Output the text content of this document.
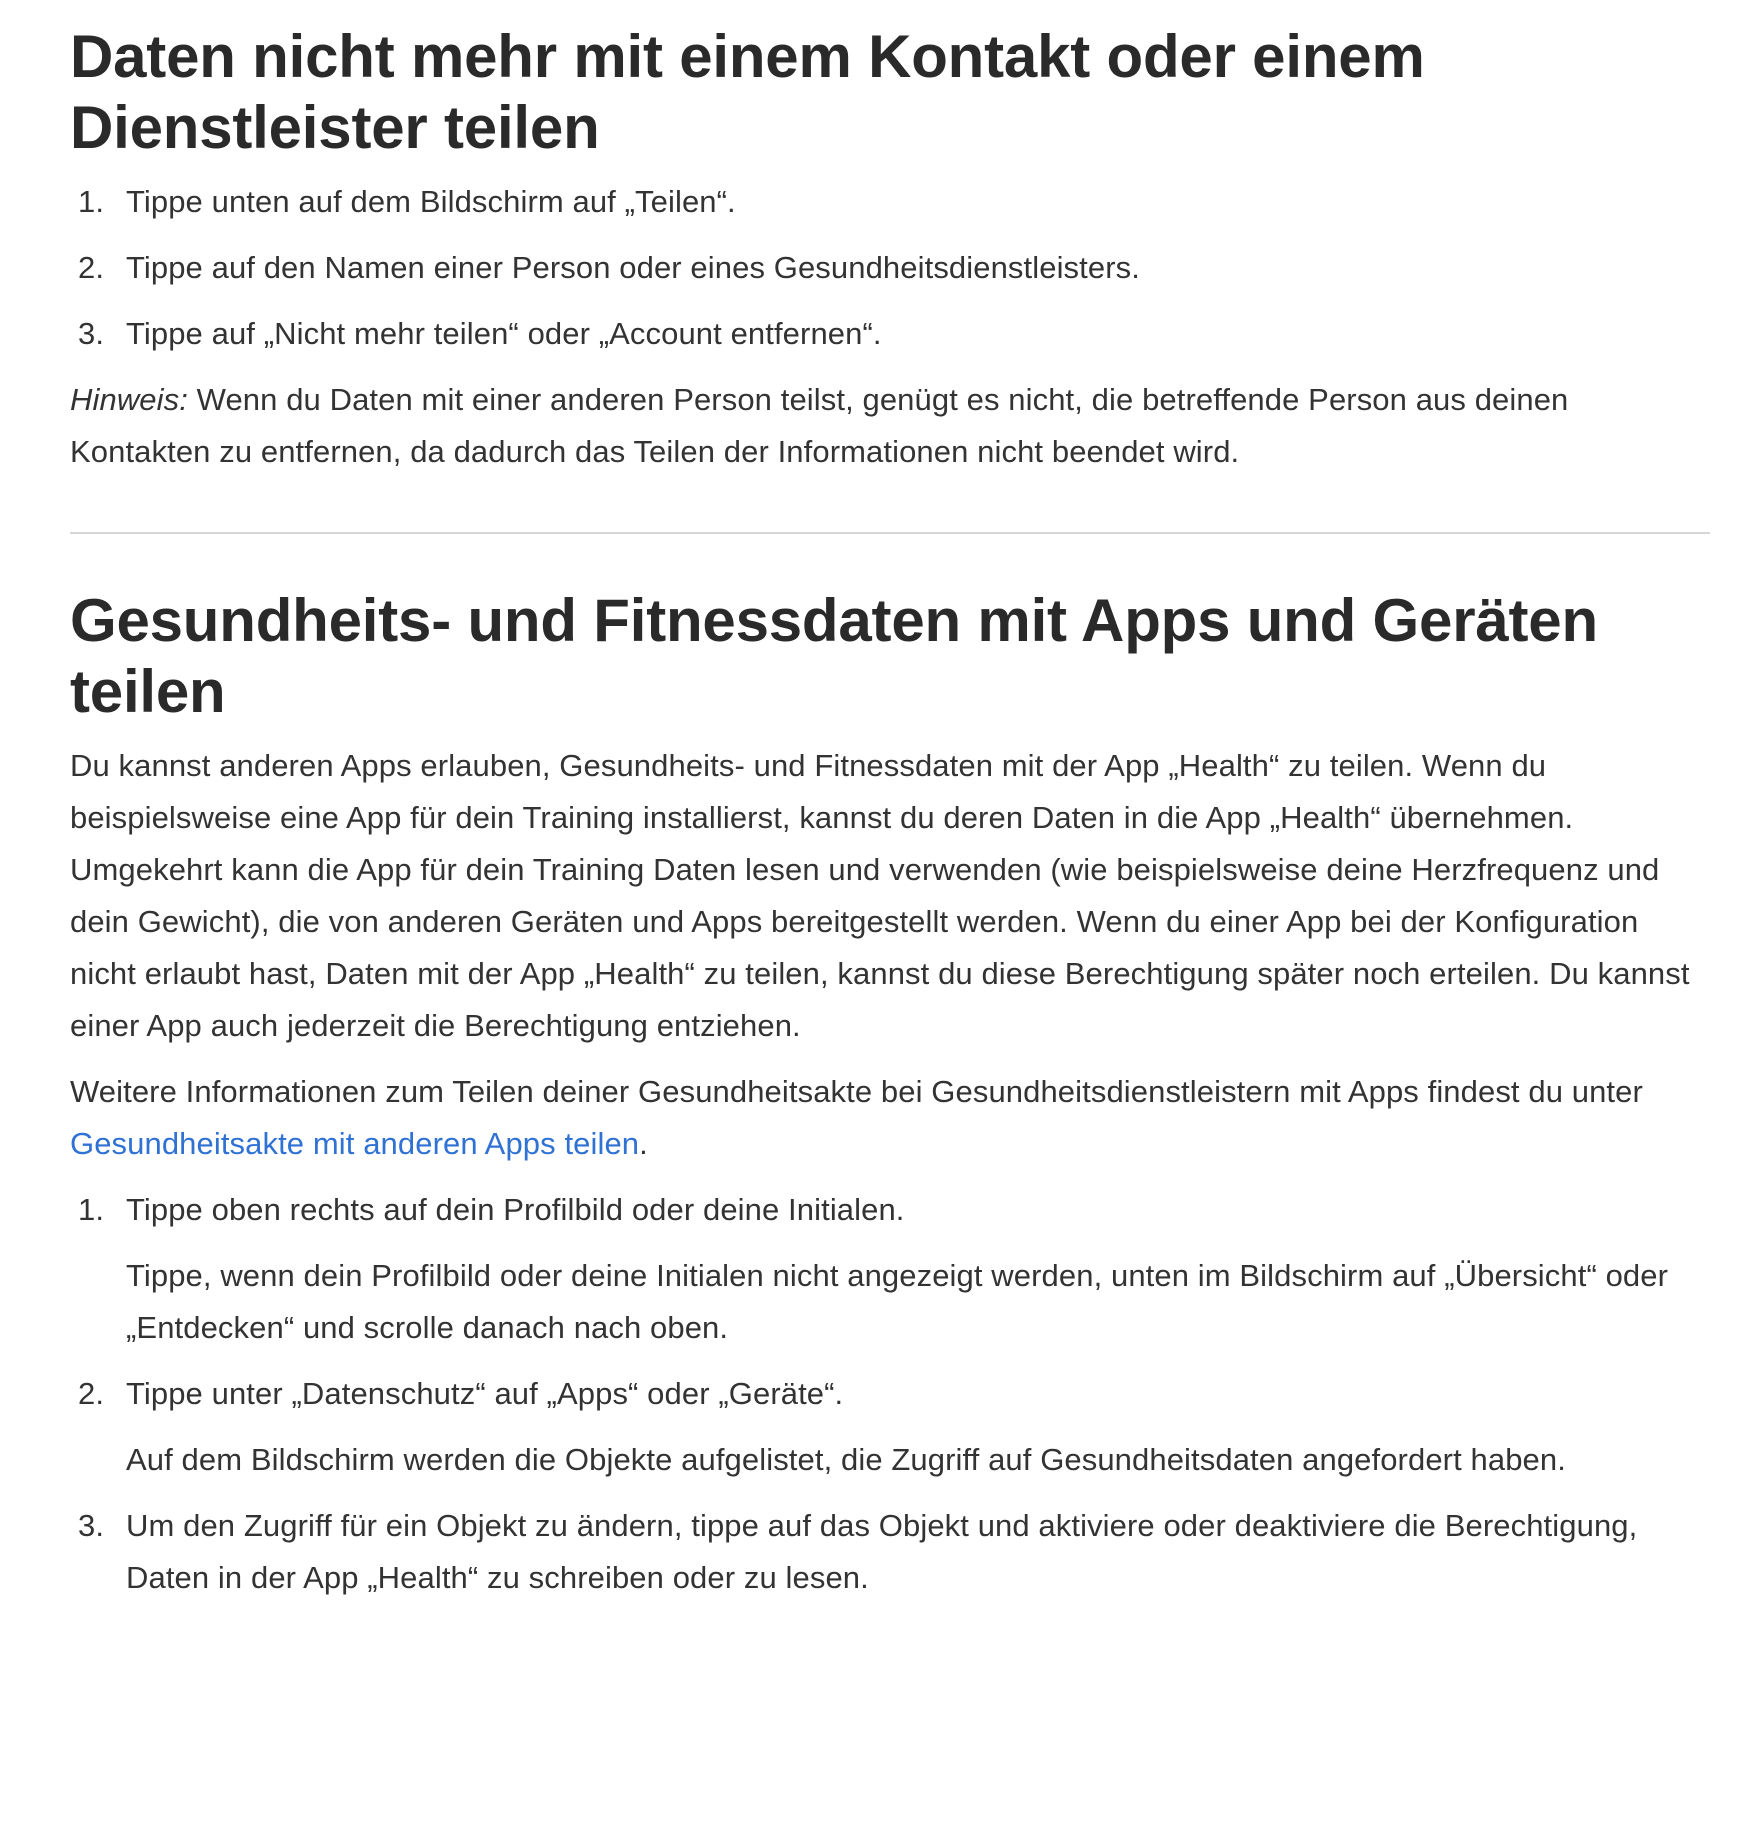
Daten nicht mehr mit einem Kontakt oder einem
Dienstleister teilen
1. Tippe unten auf dem Bildschirm auf „Teilen“.
2. Tippe auf den Namen einer Person oder eines Gesundheitsdienstleisters.
3. Tippe auf „Nicht mehr teilen“ oder „Account entfernen“.

Hinweis: Wenn du Daten mit einer anderen Person teilst, genügt es nicht, die betreffende Person aus deinen Kontakten zu entfernen, da dadurch das Teilen der Informationen nicht beendet wird.

Gesundheits- und Fitnessdaten mit Apps und Geräten
teilen

Du kannst anderen Apps erlauben, Gesundheits- und Fitnessdaten mit der App „Health“ zu teilen. Wenn du beispielsweise eine App für dein Training installierst, kannst du deren Daten in die App „Health“ übernehmen. Umgekehrt kann die App für dein Training Daten lesen und verwenden (wie beispielsweise deine Herzfrequenz und dein Gewicht), die von anderen Geräten und Apps bereitgestellt werden. Wenn du einer App bei der Konfiguration nicht erlaubt hast, Daten mit der App „Health“ zu teilen, kannst du diese Berechtigung später noch erteilen. Du kannst einer App auch jederzeit die Berechtigung entziehen.

Weitere Informationen zum Teilen deiner Gesundheitsakte bei Gesundheitsdienstleistern mit Apps findest du unter Gesundheitsakte mit anderen Apps teilen.

1. Tippe oben rechts auf dein Profilbild oder deine Initialen.

Tippe, wenn dein Profilbild oder deine Initialen nicht angezeigt werden, unten im Bildschirm auf „Übersicht“ oder „Entdecken“ und scrolle danach nach oben.

2. Tippe unter „Datenschutz“ auf „Apps“ oder „Geräte“.

Auf dem Bildschirm werden die Objekte aufgelistet, die Zugriff auf Gesundheitsdaten angefordert haben.

3. Um den Zugriff für ein Objekt zu ändern, tippe auf das Objekt und aktiviere oder deaktiviere die Berechtigung, Daten in der App „Health“ zu schreiben oder zu lesen.
